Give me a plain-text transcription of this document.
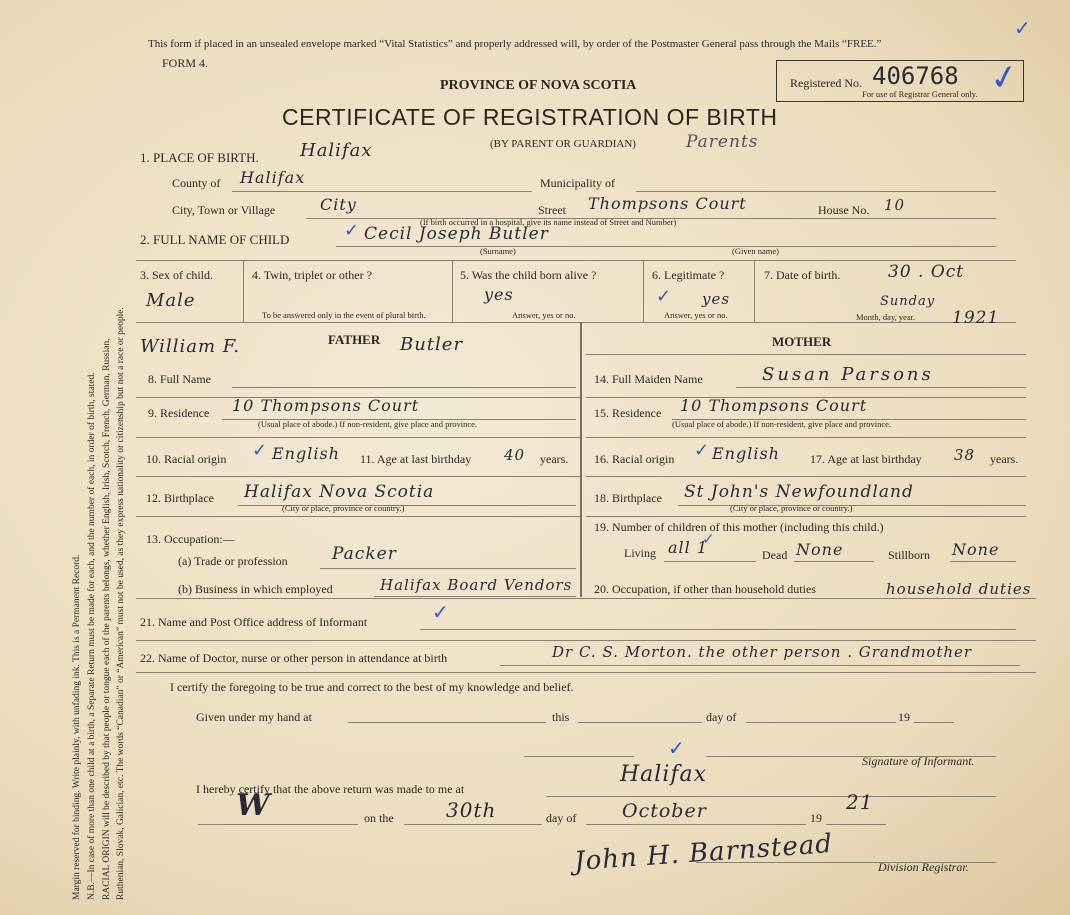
Margin reserved for binding. Write plainly, with unfading ink. This is a Permanent Record. N.B.—In case of more than one child at a birth, a Separate Return must be made for each, and the number of each, in order of birth, stated. RACIAL ORIGIN will be described by that people or tongue each of the parents belongs, whether English, Irish, Scotch, French, German, Russian, Ruthenian, Slovak, Galician, etc. The words “Canadian” or “American” must not be used, as they express nationality or citizenship but not a race or people.
This form if placed in an unsealed envelope marked “Vital Statistics” and properly addressed will, by order of the Postmaster General pass through the Mails “FREE.”
FORM 4.
PROVINCE OF NOVA SCOTIA
CERTIFICATE OF REGISTRATION OF BIRTH
(BY PARENT OR GUARDIAN)	Parents
Registered No. 406768
For use of Registrar General only. ✓
✓
1. PLACE OF BIRTH. Halifax
County of Halifax	Municipality of
City, Town or Village	City	Street Thompsons Court	House No. 10
(If birth occurred in a hospital, give its name instead of Street and Number)
2. FULL NAME OF CHILD	✓ Cecil Joseph Butler
(Surname)	(Given name)
3. Sex of child.
Male
4. Twin, triplet or other ?
To be answered only in the event of plural birth.
5. Was the child born alive ?
yes
Answer, yes or no.
6. Legitimate ?
✓ yes
Answer, yes or no.
7. Date of birth.	30 . Oct
Sunday
1921
Month, day, year.
FATHER
William F.	Butler	MOTHER
8. Full Name
9. Residence 10 Thompsons Court
(Usual place of abode.) If non-resident, give place and province.
10. Racial origin ✓ English 11. Age at last birthday 40 years.
12. Birthplace Halifax Nova Scotia
(City or place, province or country.)
13. Occupation:—
(a) Trade or profession	Packer
(b) Business in which employed	Halifax Board Vendors
14. Full Maiden Name	Susan Parsons
15. Residence 10 Thompsons Court
(Usual place of abode.) If non-resident, give place and province.
16. Racial origin ✓ English	17. Age at last birthday 38 years.
18. Birthplace St John's Newfoundland
(City or place, province or country.)
19. Number of children of this mother (including this child.)
Living all 1
✓
Dead None	Stillborn None
20. Occupation, if other than household duties	household duties
21. Name and Post Office address of Informant	✓
22. Name of Doctor, nurse or other person in attendance at birth	Dr C. S. Morton. the other person . Grandmother
I certify the foregoing to be true and correct to the best of my knowledge and belief.
Given under my hand at	this	day of	19
✓
Signature of Informant.
I hereby certify that the above return was made to me at
Halifax
W	on the	30th	day of October	19
21
John H. Barnstead	Division Registrar.
